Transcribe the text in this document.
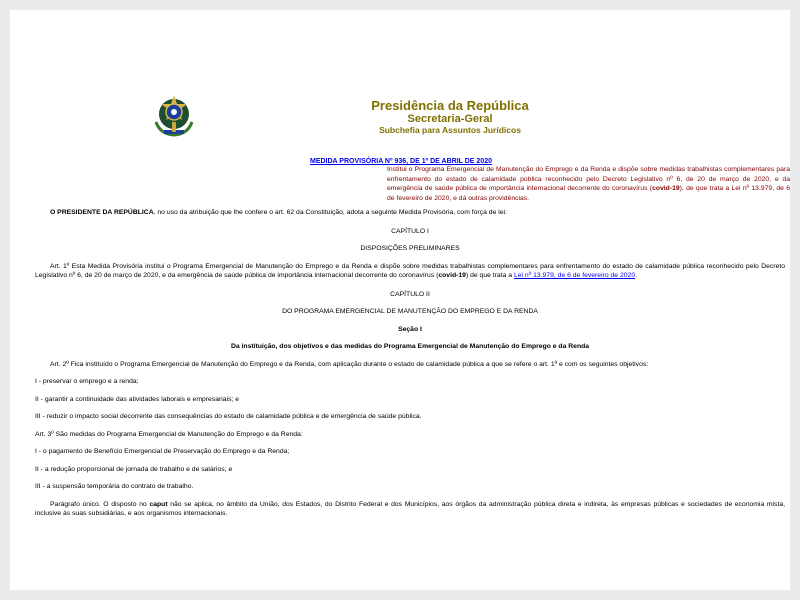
Presidência da República
Secretaria-Geral
Subchefia para Assuntos Jurídicos
MEDIDA PROVISÓRIA Nº 936, DE 1º DE ABRIL DE 2020
Institui o Programa Emergencial de Manutenção do Emprego e da Renda e dispõe sobre medidas trabalhistas complementares para enfrentamento do estado de calamidade pública reconhecido pelo Decreto Legislativo nº 6, de 20 de março de 2020, e da emergência de saúde pública de importância internacional decorrente do coronavírus (covid-19), de que trata a Lei nº 13.979, de 6 de fevereiro de 2020, e dá outras providências.

O PRESIDENTE DA REPÚBLICA, no uso da atribuição que lhe confere o art. 62 da Constituição, adota a seguinte Medida Provisória, com força de lei:

CAPÍTULO I

DISPOSIÇÕES PRELIMINARES

Art. 1º Esta Medida Provisória institui o Programa Emergencial de Manutenção do Emprego e da Renda e dispõe sobre medidas trabalhistas complementares para enfrentamento do estado de calamidade pública reconhecido pelo Decreto Legislativo nº 6, de 20 de março de 2020, e da emergência de saúde pública de importância internacional decorrente do coronavírus (covid-19) de que trata a Lei nº 13.979, de 6 de fevereiro de 2020.

CAPÍTULO II

DO PROGRAMA EMERGENCIAL DE MANUTENÇÃO DO EMPREGO E DA RENDA

Seção I

Da instituição, dos objetivos e das medidas do Programa Emergencial de Manutenção do Emprego e da Renda

Art. 2º Fica instituído o Programa Emergencial de Manutenção do Emprego e da Renda, com aplicação durante o estado de calamidade pública a que se refere o art. 1º e com os seguintes objetivos:

I - preservar o emprego e a renda;

II - garantir a continuidade das atividades laborais e empresariais; e

III - reduzir o impacto social decorrente das consequências do estado de calamidade pública e de emergência de saúde pública.

Art. 3º São medidas do Programa Emergencial de Manutenção do Emprego e da Renda:

I - o pagamento de Benefício Emergencial de Preservação do Emprego e da Renda;

II - a redução proporcional de jornada de trabalho e de salários; e

III - a suspensão temporária do contrato de trabalho.

Parágrafo único. O disposto no caput não se aplica, no âmbito da União, dos Estados, do Distrito Federal e dos Municípios, aos órgãos da administração pública direta e indireta, às empresas públicas e sociedades de economia mista, inclusive às suas subsidiárias, e aos organismos internacionais.
